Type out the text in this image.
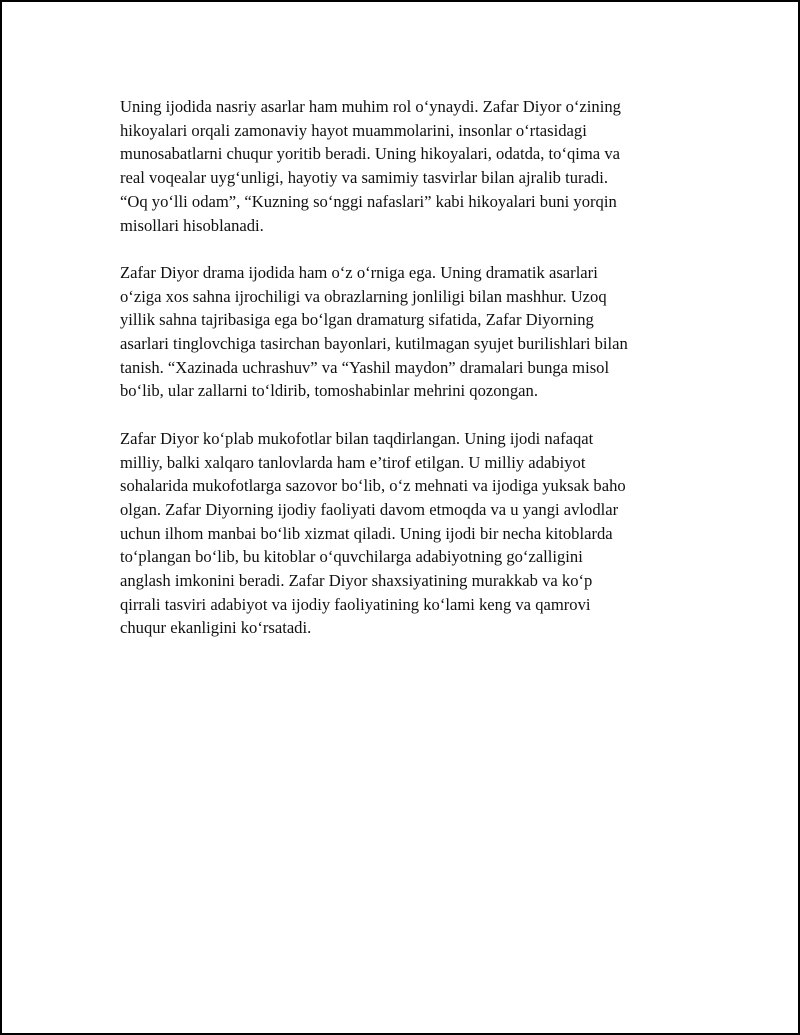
Uning ijodida nasriy asarlar ham muhim rol o‘ynaydi. Zafar Diyor o‘zining
hikoyalari orqali zamonaviy hayot muammolarini, insonlar o‘rtasidagi
munosabatlarni chuqur yoritib beradi. Uning hikoyalari, odatda, to‘qima va
real voqealar uyg‘unligi, hayotiy va samimiy tasvirlar bilan ajralib turadi.
“Oq yo‘lli odam”, “Kuzning so‘nggi nafaslari” kabi hikoyalari buni yorqin
misollari hisoblanadi.

Zafar Diyor drama ijodida ham o‘z o‘rniga ega. Uning dramatik asarlari
o‘ziga xos sahna ijrochiligi va obrazlarning jonliligi bilan mashhur. Uzoq
yillik sahna tajribasiga ega bo‘lgan dramaturg sifatida, Zafar Diyorning
asarlari tinglovchiga tasirchan bayonlari, kutilmagan syujet burilishlari bilan
tanish. “Xazinada uchrashuv” va “Yashil maydon” dramalari bunga misol
bo‘lib, ular zallarni to‘ldirib, tomoshabinlar mehrini qozongan.

Zafar Diyor ko‘plab mukofotlar bilan taqdirlangan. Uning ijodi nafaqat
milliy, balki xalqaro tanlovlarda ham e’tirof etilgan. U milliy adabiyot
sohalarida mukofotlarga sazovor bo‘lib, o‘z mehnati va ijodiga yuksak baho
olgan. Zafar Diyorning ijodiy faoliyati davom etmoqda va u yangi avlodlar
uchun ilhom manbai bo‘lib xizmat qiladi. Uning ijodi bir necha kitoblarda
to‘plangan bo‘lib, bu kitoblar o‘quvchilarga adabiyotning go‘zalligini
anglash imkonini beradi. Zafar Diyor shaxsiyatining murakkab va ko‘p
qirrali tasviri adabiyot va ijodiy faoliyatining ko‘lami keng va qamrovi
chuqur ekanligini ko‘rsatadi.
